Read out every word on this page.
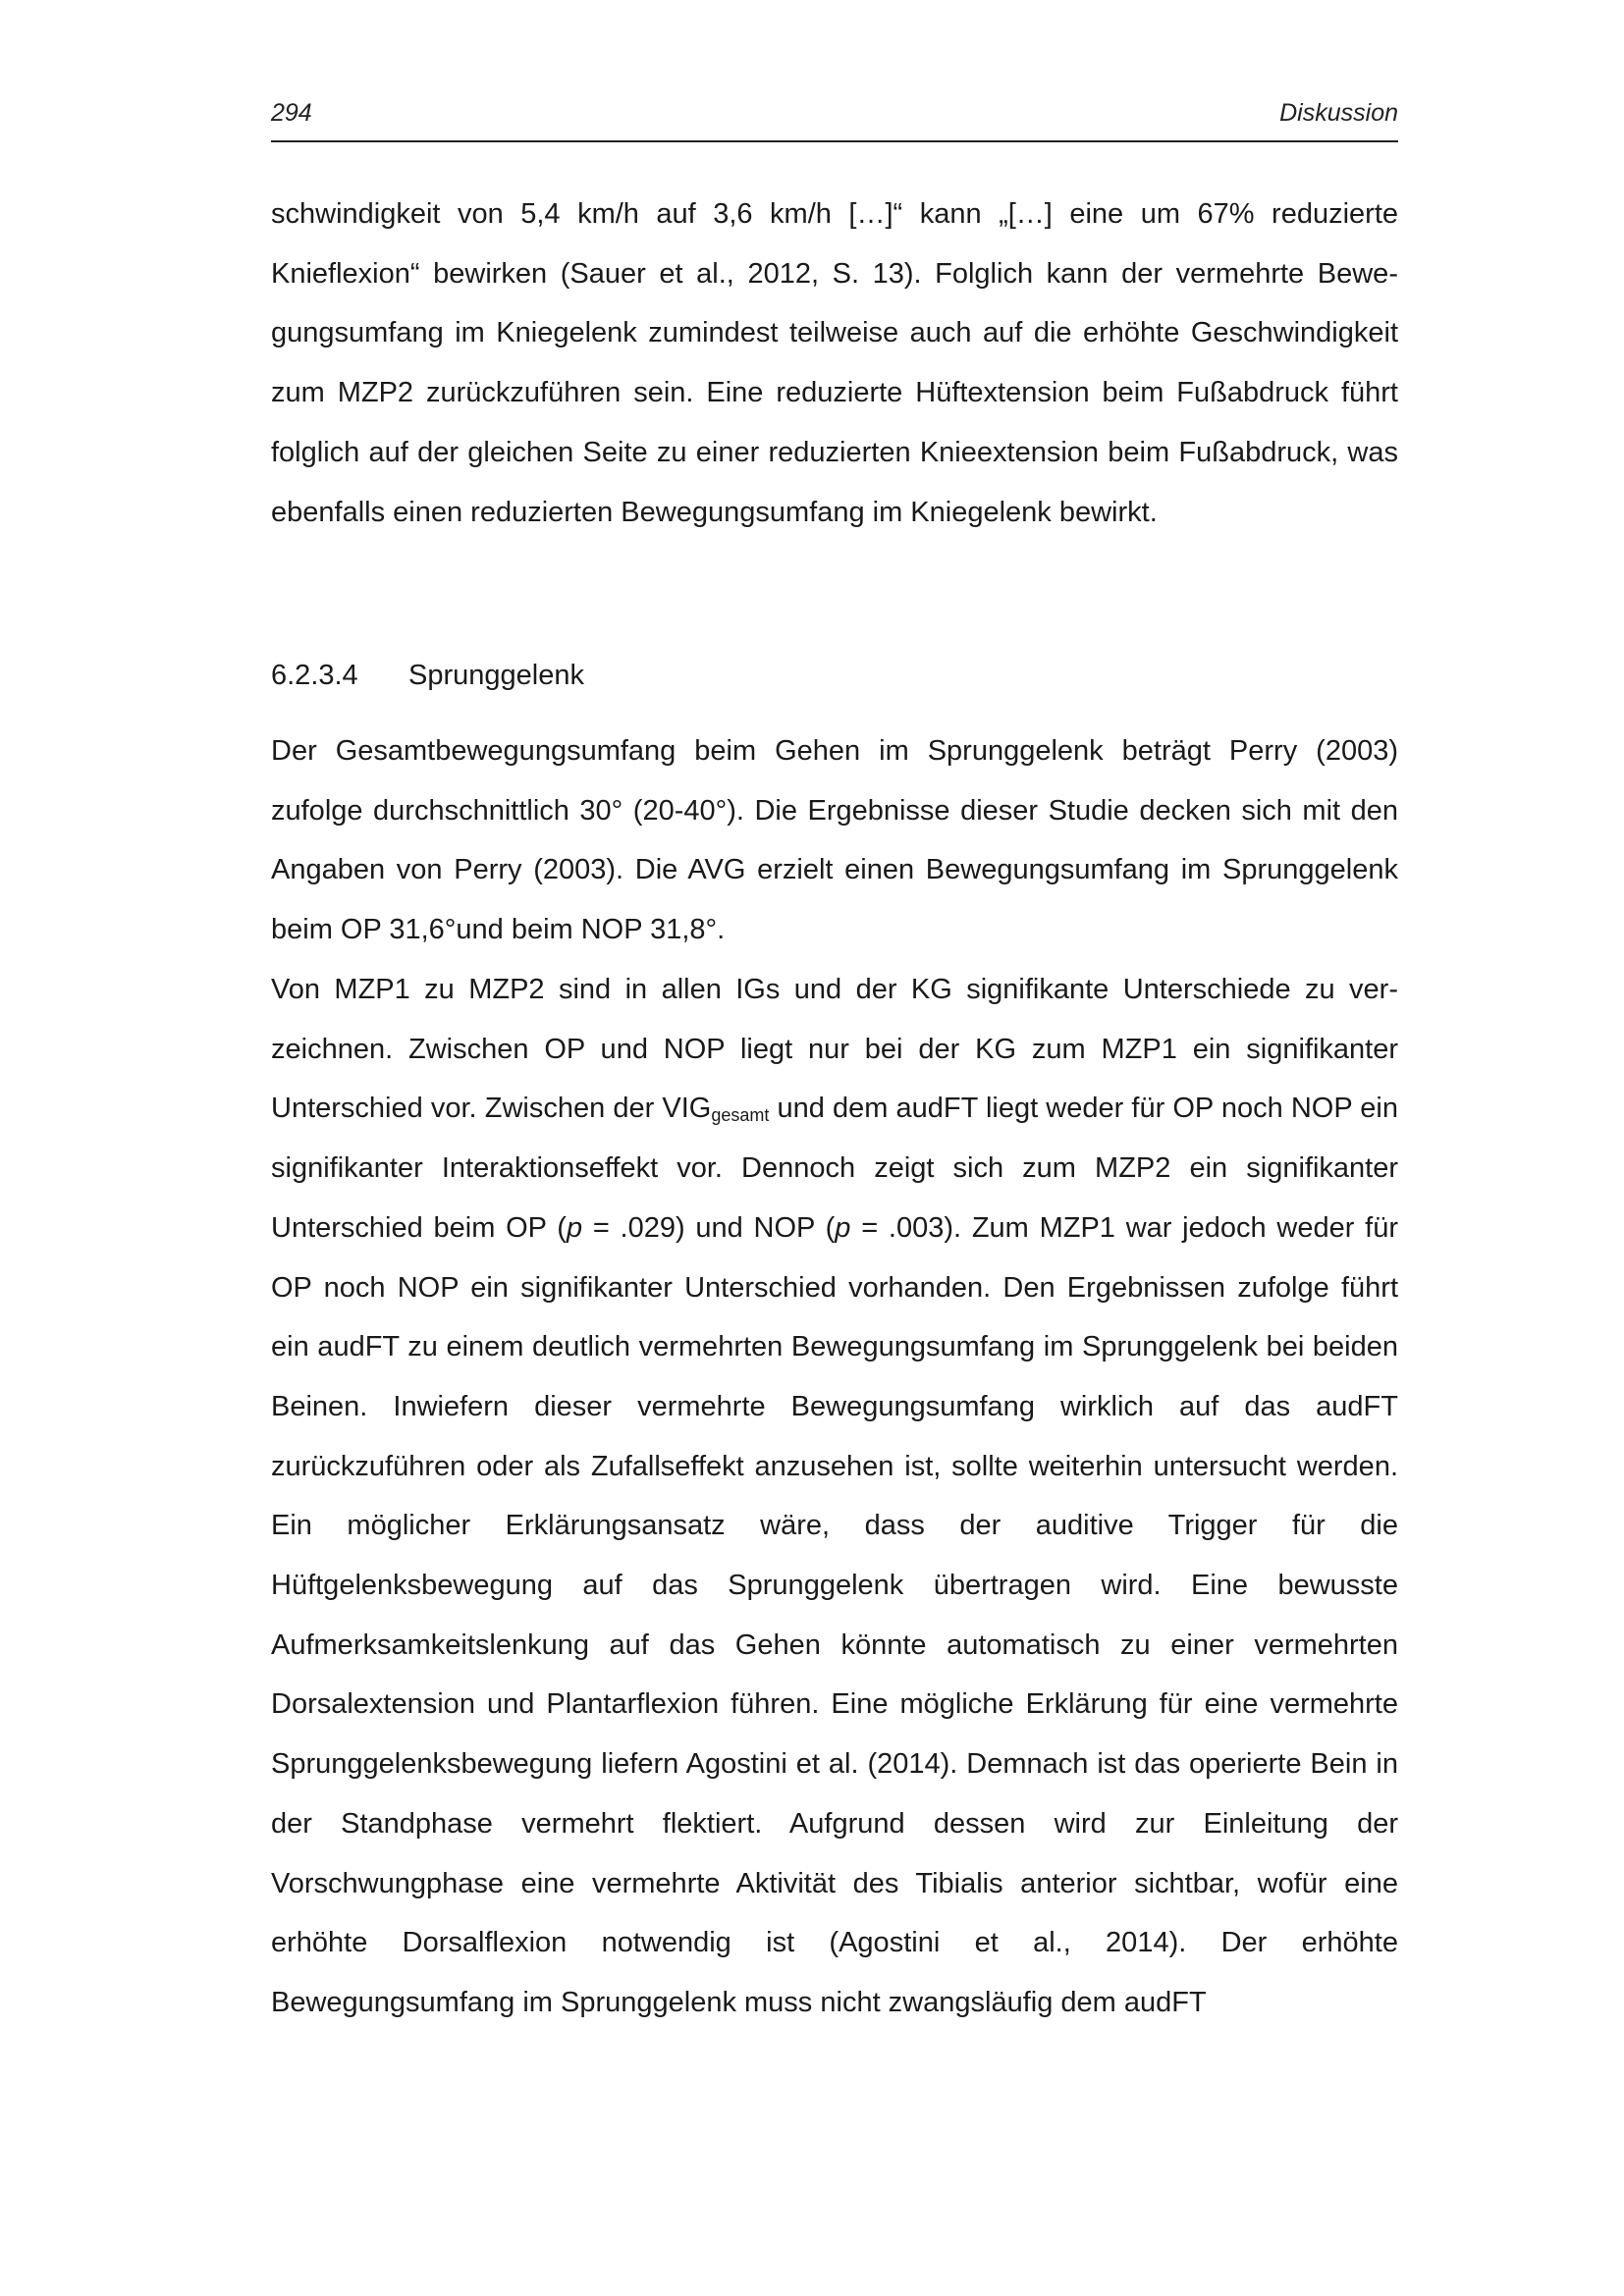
294	Diskussion

schwindigkeit von 5,4 km/h auf 3,6 km/h […]“ kann „[…] eine um 67% reduzierte Knieflexion“ bewirken (Sauer et al., 2012, S. 13). Folglich kann der vermehrte Bewegungsumfang im Kniegelenk zumindest teilweise auch auf die erhöhte Geschwindigkeit zum MZP2 zurückzuführen sein. Eine reduzierte Hüftextension beim Fußabdruck führt folglich auf der gleichen Seite zu einer reduzierten Knieextension beim Fußabdruck, was ebenfalls einen reduzierten Bewegungsumfang im Kniegelenk bewirkt.

6.2.3.4 Sprunggelenk

Der Gesamtbewegungsumfang beim Gehen im Sprunggelenk beträgt Perry (2003) zufolge durchschnittlich 30° (20-40°). Die Ergebnisse dieser Studie decken sich mit den Angaben von Perry (2003). Die AVG erzielt einen Bewegungsumfang im Sprunggelenk beim OP 31,6°und beim NOP 31,8°.

Von MZP1 zu MZP2 sind in allen IGs und der KG signifikante Unterschiede zu verzeichnen. Zwischen OP und NOP liegt nur bei der KG zum MZP1 ein signifikanter Unterschied vor. Zwischen der $VIG_{gesamt}$ und dem audFT liegt weder für OP noch NOP ein signifikanter Interaktionseffekt vor. Dennoch zeigt sich zum MZP2 ein signifikanter Unterschied beim OP (p = .029) und NOP (p = .003). Zum MZP1 war jedoch weder für OP noch NOP ein signifikanter Unterschied vorhanden. Den Ergebnissen zufolge führt ein audFT zu einem deutlich vermehrten Bewegungsumfang im Sprunggelenk bei beiden Beinen. Inwiefern dieser vermehrte Bewegungsumfang wirklich auf das audFT zurückzuführen oder als Zufallseffekt anzusehen ist, sollte weiterhin untersucht werden. Ein möglicher Erklärungsansatz wäre, dass der auditive Trigger für die Hüftgelenksbewegung auf das Sprunggelenk übertragen wird. Eine bewusste Aufmerksamkeitslenkung auf das Gehen könnte automatisch zu einer vermehrten Dorsalextension und Plantarflexion führen. Eine mögliche Erklärung für eine vermehrte Sprunggelenksbewegung liefern Agostini et al. (2014). Demnach ist das operierte Bein in der Standphase vermehrt flektiert. Aufgrund dessen wird zur Einleitung der Vorschwungphase eine vermehrte Aktivität des Tibialis anterior sichtbar, wofür eine erhöhte Dorsalflexion notwendig ist (Agostini et al., 2014). Der erhöhte Bewegungsumfang im Sprunggelenk muss nicht zwangsläufig dem audFT
